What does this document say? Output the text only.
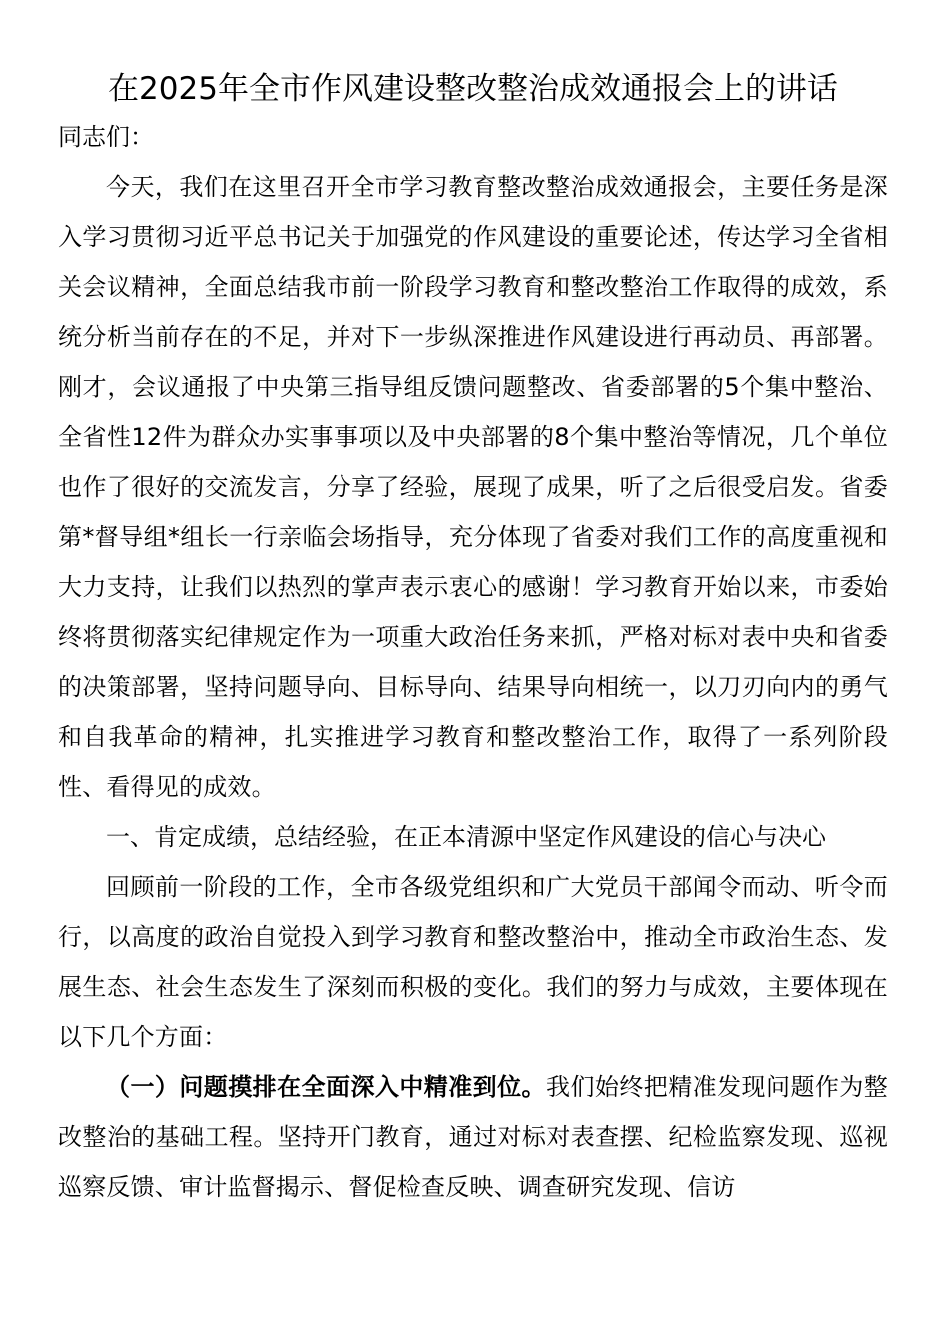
在2025年全市作风建设整改整治成效通报会上的讲话

同志们：

今天，我们在这里召开全市学习教育整改整治成效通报会，主要任务是深入学习贯彻习近平总书记关于加强党的作风建设的重要论述，传达学习全省相关会议精神，全面总结我市前一阶段学习教育和整改整治工作取得的成效，系统分析当前存在的不足，并对下一步纵深推进作风建设进行再动员、再部署。刚才，会议通报了中央第三指导组反馈问题整改、省委部署的5个集中整治、全省性12件为群众办实事事项以及中央部署的8个集中整治等情况，几个单位也作了很好的交流发言，分享了经验，展现了成果，听了之后很受启发。省委第*督导组*组长一行亲临会场指导，充分体现了省委对我们工作的高度重视和大力支持，让我们以热烈的掌声表示衷心的感谢！学习教育开始以来，市委始终将贯彻落实纪律规定作为一项重大政治任务来抓，严格对标对表中央和省委的决策部署，坚持问题导向、目标导向、结果导向相统一，以刀刃向内的勇气和自我革命的精神，扎实推进学习教育和整改整治工作，取得了一系列阶段性、看得见的成效。

一、肯定成绩，总结经验，在正本清源中坚定作风建设的信心与决心

回顾前一阶段的工作，全市各级党组织和广大党员干部闻令而动、听令而行，以高度的政治自觉投入到学习教育和整改整治中，推动全市政治生态、发展生态、社会生态发生了深刻而积极的变化。我们的努力与成效，主要体现在以下几个方面：

（一）问题摸排在全面深入中精准到位。我们始终把精准发现问题作为整改整治的基础工程。坚持开门教育，通过对标对表查摆、纪检监察发现、巡视巡察反馈、审计监督揭示、督促检查反映、调查研究发现、信访
